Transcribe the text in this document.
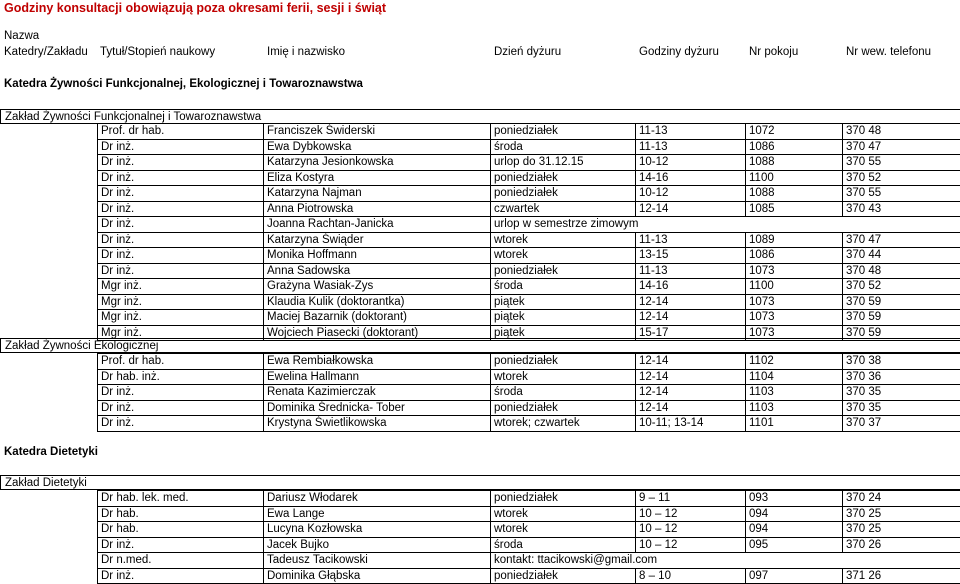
Godziny konsultacji obowiązują poza okresami ferii, sesji i świąt
Nazwa
Katedry/Zakładu Tytuł/Stopień naukowy	Imię i nazwisko	Dzień dyżuru	Godziny dyżuru	Nr pokoju	Nr wew. telefonu
Katedra Żywności Funkcjonalnej, Ekologicznej i Towaroznawstwa
Zakład Żywności Funkcjonalnej i Towaroznawstwa
Prof. dr hab.	Franciszek Świderski	poniedziałek	11-13	1072	370 48
Dr inż.	Ewa Dybkowska	środa	11-13	1086	370 47
Dr inż.	Katarzyna Jesionkowska	urlop do 31.12.15	10-12	1088	370 55
Dr inż.	Eliza Kostyra	poniedziałek	14-16	1100	370 52
Dr inż.	Katarzyna Najman	poniedziałek	10-12	1088	370 55
Dr inż.	Anna Piotrowska	czwartek	12-14	1085	370 43
Dr inż.	Joanna Rachtan-Janicka	urlop w semestrze zimowym			
Dr inż.	Katarzyna Świąder	wtorek	11-13	1089	370 47
Dr inż.	Monika Hoffmann	wtorek	13-15	1086	370 44
Dr inż.	Anna Sadowska	poniedziałek	11-13	1073	370 48
Mgr inż.	Grażyna Wasiak-Zys	środa	14-16	1100	370 52
Mgr inż.	Klaudia Kulik (doktorantka)	piątek	12-14	1073	370 59
Mgr inż.	Maciej Bazarnik (doktorant)	piątek	12-14	1073	370 59
Mgr inż.	Wojciech Piasecki (doktorant)	piątek	15-17	1073	370 59
Zakład Żywności Ekologicznej
Prof. dr hab.	Ewa Rembiałkowska	poniedziałek	12-14	1102	370 38
Dr hab. inż.	Ewelina Hallmann	wtorek	12-14	1104	370 36
Dr inż.	Renata Kazimierczak	środa	12-14	1103	370 35
Dr inż.	Dominika Średnicka- Tober	poniedziałek	12-14	1103	370 35
Dr inż.	Krystyna Świetlikowska	wtorek; czwartek	10-11; 13-14	1101	370 37
Katedra Dietetyki
Zakład Dietetyki
Dr hab. lek. med.	Dariusz Włodarek	poniedziałek	9 – 11	093	370 24
Dr hab.	Ewa Lange	wtorek	10 – 12	094	370 25
Dr hab.	Lucyna Kozłowska	wtorek	10 – 12	094	370 25
Dr inż.	Jacek Bujko	środa	10 – 12	095	370 26
Dr n.med.	Tadeusz Tacikowski	kontakt: ttacikowski@gmail.com			
Dr inż.	Dominika Głąbska	poniedziałek	8 – 10	097	371 26
